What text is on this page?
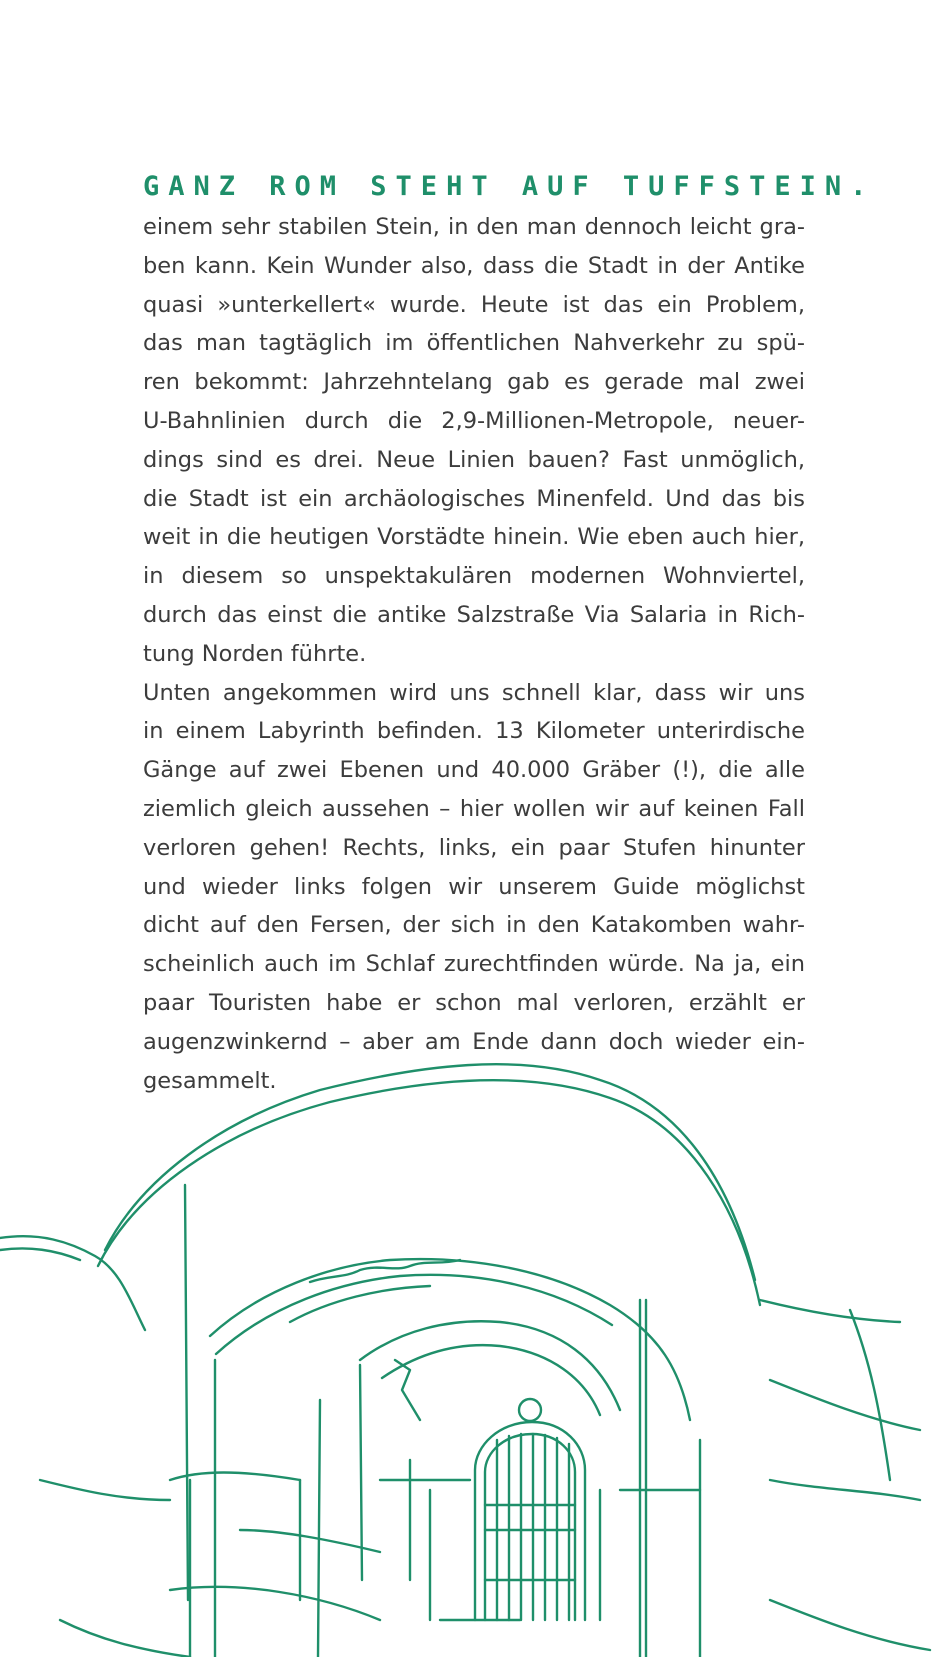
GANZ ROM STEHT AUF TUFFSTEIN.
einem sehr stabilen Stein, in den man dennoch leicht gra-
ben kann. Kein Wunder also, dass die Stadt in der Antike
quasi »unterkellert« wurde. Heute ist das ein Problem,
das man tagtäglich im öffentlichen Nahverkehr zu spü-
ren bekommt: Jahrzehntelang gab es gerade mal zwei
U-Bahnlinien durch die 2,9-Millionen-Metropole, neuer-
dings sind es drei. Neue Linien bauen? Fast unmöglich,
die Stadt ist ein archäologisches Minenfeld. Und das bis
weit in die heutigen Vorstädte hinein. Wie eben auch hier,
in diesem so unspektakulären modernen Wohnviertel,
durch das einst die antike Salzstraße Via Salaria in Rich-
tung Norden führte.
Unten angekommen wird uns schnell klar, dass wir uns
in einem Labyrinth befinden. 13 Kilometer unterirdische
Gänge auf zwei Ebenen und 40.000 Gräber (!), die alle
ziemlich gleich aussehen – hier wollen wir auf keinen Fall
verloren gehen! Rechts, links, ein paar Stufen hinunter
und wieder links folgen wir unserem Guide möglichst
dicht auf den Fersen, der sich in den Katakomben wahr-
scheinlich auch im Schlaf zurechtfinden würde. Na ja, ein
paar Touristen habe er schon mal verloren, erzählt er
augenzwinkernd – aber am Ende dann doch wieder ein-
gesammelt.
